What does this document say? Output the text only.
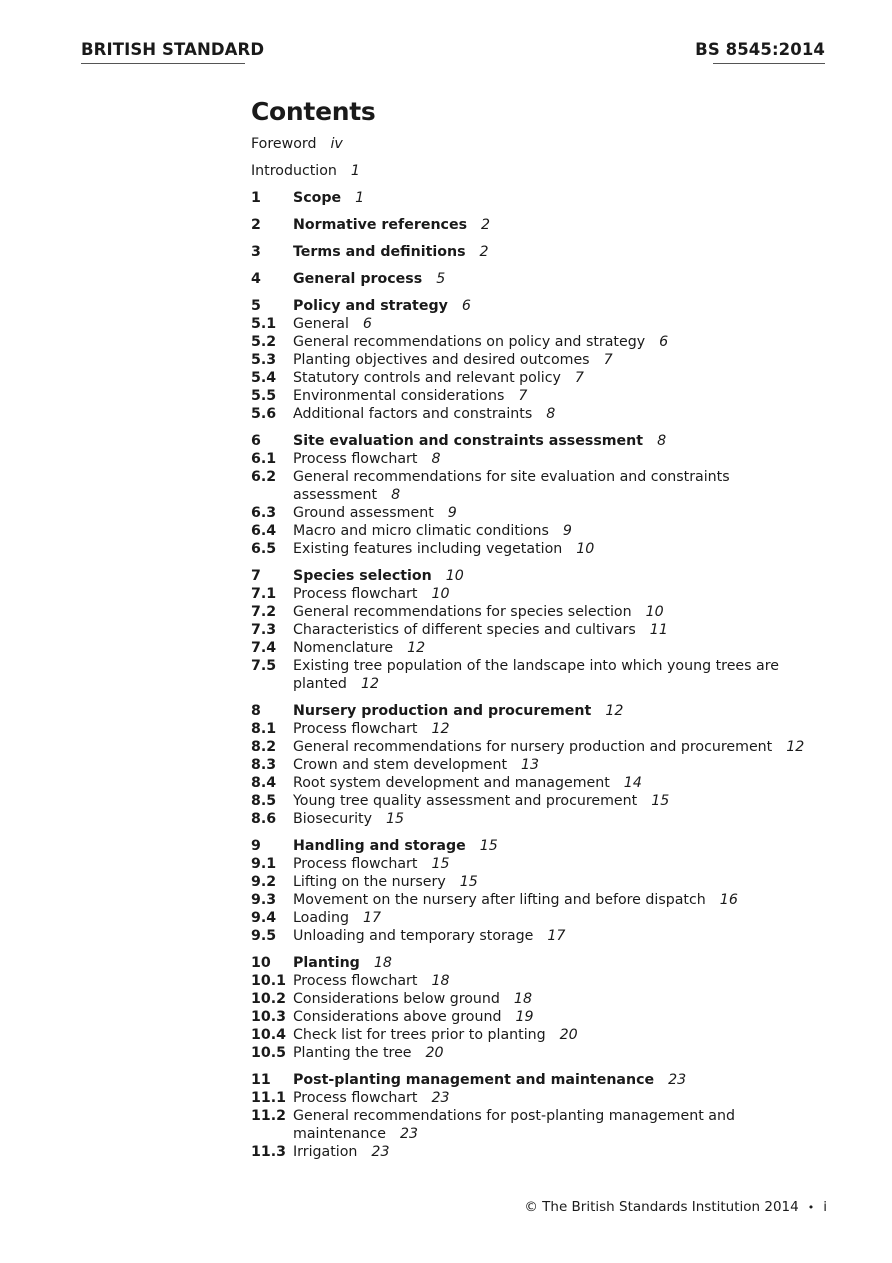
BRITISH STANDARD	BS 8545:2014
Contents
Foreword iv
Introduction 1
1 Scope 1
2 Normative references 2
3 Terms and definitions 2
4 General process 5
5 Policy and strategy 6
5.1 General 6
5.2 General recommendations on policy and strategy 6
5.3 Planting objectives and desired outcomes 7
5.4 Statutory controls and relevant policy 7
5.5 Environmental considerations 7
5.6 Additional factors and constraints 8
6 Site evaluation and constraints assessment 8
6.1 Process flowchart 8
6.2 General recommendations for site evaluation and constraints
assessment 8
6.3 Ground assessment 9
6.4 Macro and micro climatic conditions 9
6.5 Existing features including vegetation 10
7 Species selection 10
7.1 Process flowchart 10
7.2 General recommendations for species selection 10
7.3 Characteristics of different species and cultivars 11
7.4 Nomenclature 12
7.5 Existing tree population of the landscape into which young trees are
planted 12
8 Nursery production and procurement 12
8.1 Process flowchart 12
8.2 General recommendations for nursery production and procurement 12
8.3 Crown and stem development 13
8.4 Root system development and management 14
8.5 Young tree quality assessment and procurement 15
8.6 Biosecurity 15
9 Handling and storage 15
9.1 Process flowchart 15
9.2 Lifting on the nursery 15
9.3 Movement on the nursery after lifting and before dispatch 16
9.4 Loading 17
9.5 Unloading and temporary storage 17
10 Planting 18
10.1 Process flowchart 18
10.2 Considerations below ground 18
10.3 Considerations above ground 19
10.4 Check list for trees prior to planting 20
10.5 Planting the tree 20
11 Post-planting management and maintenance 23
11.1 Process flowchart 23
11.2 General recommendations for post-planting management and
maintenance 23
11.3 Irrigation 23
© The British Standards Institution 2014 • i
